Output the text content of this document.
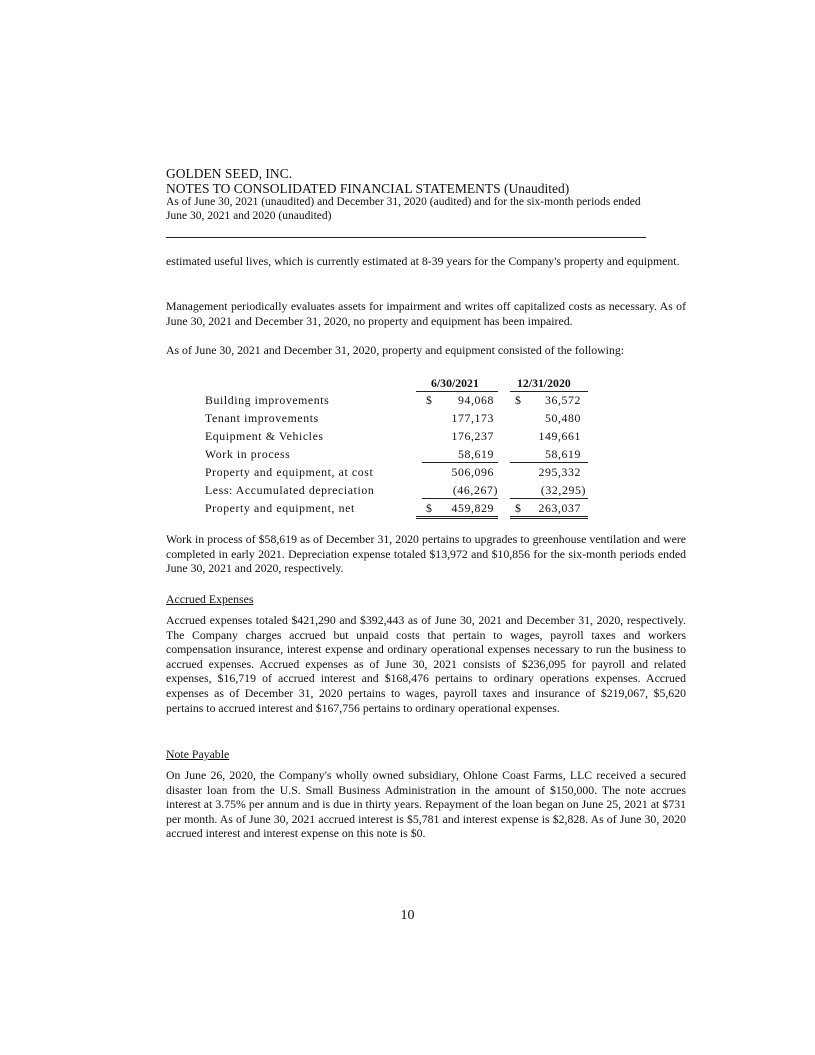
GOLDEN SEED, INC.
NOTES TO CONSOLIDATED FINANCIAL STATEMENTS (Unaudited)
As of June 30, 2021 (unaudited) and December 31, 2020 (audited) and for the six-month periods ended
June 30, 2021 and 2020 (unaudited)
estimated useful lives, which is currently estimated at 8-39 years for the Company's property and equipment.
Management periodically evaluates assets for impairment and writes off capitalized costs as necessary. As of June 30, 2021 and December 31, 2020, no property and equipment has been impaired.
As of June 30, 2021 and December 31, 2020, property and equipment consisted of the following:
6/30/2021	12/31/2020
Building improvements	$ 94,068 $ 36,572
Tenant improvements	177,173	50,480
Equipment & Vehicles	176,237	149,661
Work in process	58,619	58,619
Property and equipment, at cost	506,096	295,332
Less: Accumulated depreciation	(46,267)	(32,295)
Property and equipment, net	$ 459,829 $ 263,037
Work in process of $58,619 as of December 31, 2020 pertains to upgrades to greenhouse ventilation and were completed in early 2021. Depreciation expense totaled $13,972 and $10,856 for the six-month periods ended June 30, 2021 and 2020, respectively.
Accrued Expenses
Accrued expenses totaled $421,290 and $392,443 as of June 30, 2021 and December 31, 2020, respectively. The Company charges accrued but unpaid costs that pertain to wages, payroll taxes and workers compensation insurance, interest expense and ordinary operational expenses necessary to run the business to accrued expenses. Accrued expenses as of June 30, 2021 consists of $236,095 for payroll and related expenses, $16,719 of accrued interest and $168,476 pertains to ordinary operations expenses. Accrued expenses as of December 31, 2020 pertains to wages, payroll taxes and insurance of $219,067, $5,620 pertains to accrued interest and $167,756 pertains to ordinary operational expenses.
Note Payable
On June 26, 2020, the Company's wholly owned subsidiary, Ohlone Coast Farms, LLC received a secured disaster loan from the U.S. Small Business Administration in the amount of $150,000. The note accrues interest at 3.75% per annum and is due in thirty years. Repayment of the loan began on June 25, 2021 at $731 per month. As of June 30, 2021 accrued interest is $5,781 and interest expense is $2,828. As of June 30, 2020 accrued interest and interest expense on this note is $0.
10
